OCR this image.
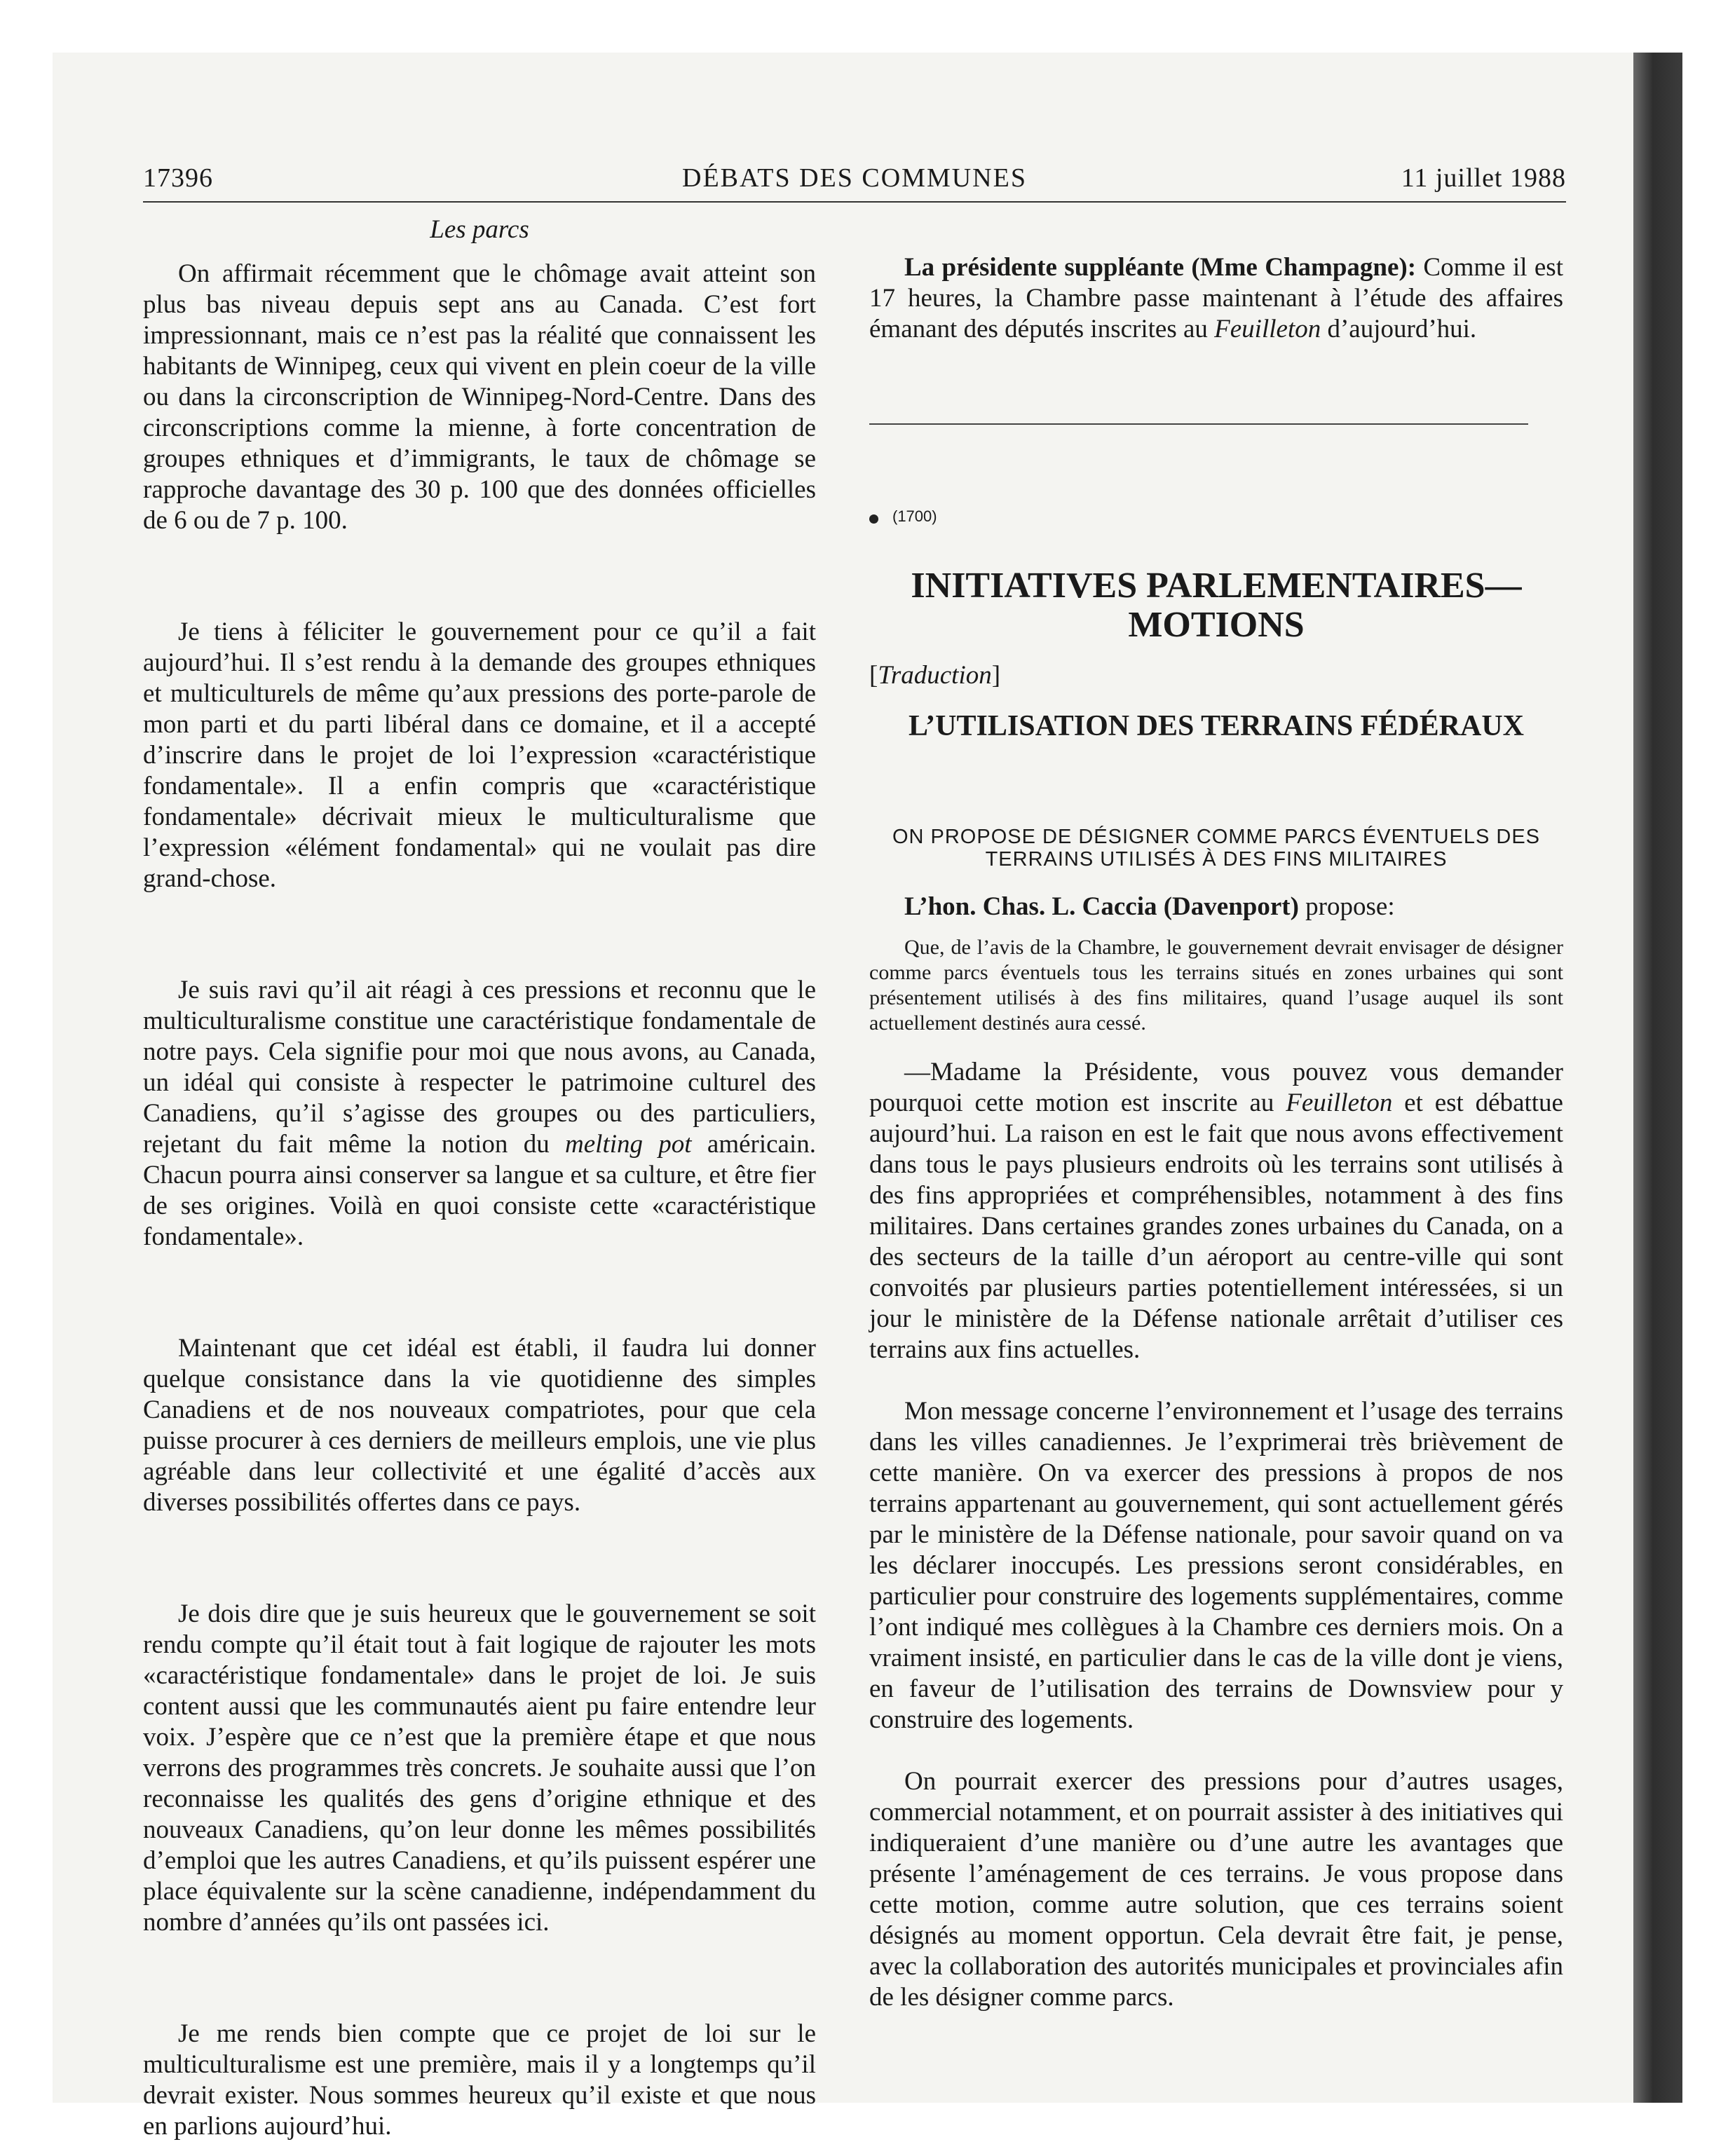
17396	DÉBATS DES COMMUNES	11 juillet 1988
Les parcs

On affirmait récemment que le chômage avait atteint son plus bas niveau depuis sept ans au Canada. C’est fort impressionnant, mais ce n’est pas la réalité que connaissent les habitants de Winnipeg, ceux qui vivent en plein coeur de la ville ou dans la circonscription de Winnipeg-Nord-Centre. Dans des circonscriptions comme la mienne, à forte concentration de groupes ethniques et d’immigrants, le taux de chômage se rapproche davantage des 30 p. 100 que des données officielles de 6 ou de 7 p. 100.

Je tiens à féliciter le gouvernement pour ce qu’il a fait aujourd’hui. Il s’est rendu à la demande des groupes ethniques et multiculturels de même qu’aux pressions des porte-parole de mon parti et du parti libéral dans ce domaine, et il a accepté d’inscrire dans le projet de loi l’expression «caractéristique fondamentale». Il a enfin compris que «caractéristique fondamentale» décrivait mieux le multiculturalisme que l’expression «élément fondamental» qui ne voulait pas dire grand-chose.

Je suis ravi qu’il ait réagi à ces pressions et reconnu que le multiculturalisme constitue une caractéristique fondamentale de notre pays. Cela signifie pour moi que nous avons, au Canada, un idéal qui consiste à respecter le patrimoine culturel des Canadiens, qu’il s’agisse des groupes ou des particuliers, rejetant du fait même la notion du melting pot américain. Chacun pourra ainsi conserver sa langue et sa culture, et être fier de ses origines. Voilà en quoi consiste cette «caractéristique fondamentale».

Maintenant que cet idéal est établi, il faudra lui donner quelque consistance dans la vie quotidienne des simples Canadiens et de nos nouveaux compatriotes, pour que cela puisse procurer à ces derniers de meilleurs emplois, une vie plus agréable dans leur collectivité et une égalité d’accès aux diverses possibilités offertes dans ce pays.

Je dois dire que je suis heureux que le gouvernement se soit rendu compte qu’il était tout à fait logique de rajouter les mots «caractéristique fondamentale» dans le projet de loi. Je suis content aussi que les communautés aient pu faire entendre leur voix. J’espère que ce n’est que la première étape et que nous verrons des programmes très concrets. Je souhaite aussi que l’on reconnaisse les qualités des gens d’origine ethnique et des nouveaux Canadiens, qu’on leur donne les mêmes possibilités d’emploi que les autres Canadiens, et qu’ils puissent espérer une place équivalente sur la scène canadienne, indépendamment du nombre d’années qu’ils ont passées ici.

Je me rends bien compte que ce projet de loi sur le multiculturalisme est une première, mais il y a longtemps qu’il devrait exister. Nous sommes heureux qu’il existe et que nous en parlions aujourd’hui.

La présidente suppléante (Mme Champagne): Comme il est 17 heures, la Chambre passe maintenant à l’étude des affaires émanant des députés inscrites au Feuilleton d’aujourd’hui.

(1700)
INITIATIVES PARLEMENTAIRES—
MOTIONS

[Traduction]

L’UTILISATION DES TERRAINS FÉDÉRAUX
ON PROPOSE DE DÉSIGNER COMME PARCS ÉVENTUELS DES
TERRAINS UTILISÉS À DES FINS MILITAIRES

L’hon. Chas. L. Caccia (Davenport) propose:

Que, de l’avis de la Chambre, le gouvernement devrait envisager de désigner comme parcs éventuels tous les terrains situés en zones urbaines qui sont présentement utilisés à des fins militaires, quand l’usage auquel ils sont actuellement destinés aura cessé.

—Madame la Présidente, vous pouvez vous demander pourquoi cette motion est inscrite au Feuilleton et est débattue aujourd’hui. La raison en est le fait que nous avons effectivement dans tous le pays plusieurs endroits où les terrains sont utilisés à des fins appropriées et compréhensibles, notamment à des fins militaires. Dans certaines grandes zones urbaines du Canada, on a des secteurs de la taille d’un aéroport au centre-ville qui sont convoités par plusieurs parties potentiellement intéressées, si un jour le ministère de la Défense nationale arrêtait d’utiliser ces terrains aux fins actuelles.

Mon message concerne l’environnement et l’usage des terrains dans les villes canadiennes. Je l’exprimerai très brièvement de cette manière. On va exercer des pressions à propos de nos terrains appartenant au gouvernement, qui sont actuellement gérés par le ministère de la Défense nationale, pour savoir quand on va les déclarer inoccupés. Les pressions seront considérables, en particulier pour construire des logements supplémentaires, comme l’ont indiqué mes collègues à la Chambre ces derniers mois. On a vraiment insisté, en particulier dans le cas de la ville dont je viens, en faveur de l’utilisation des terrains de Downsview pour y construire des logements.

On pourrait exercer des pressions pour d’autres usages, commercial notamment, et on pourrait assister à des initiatives qui indiqueraient d’une manière ou d’une autre les avantages que présente l’aménagement de ces terrains. Je vous propose dans cette motion, comme autre solution, que ces terrains soient désignés au moment opportun. Cela devrait être fait, je pense, avec la collaboration des autorités municipales et provinciales afin de les désigner comme parcs.
